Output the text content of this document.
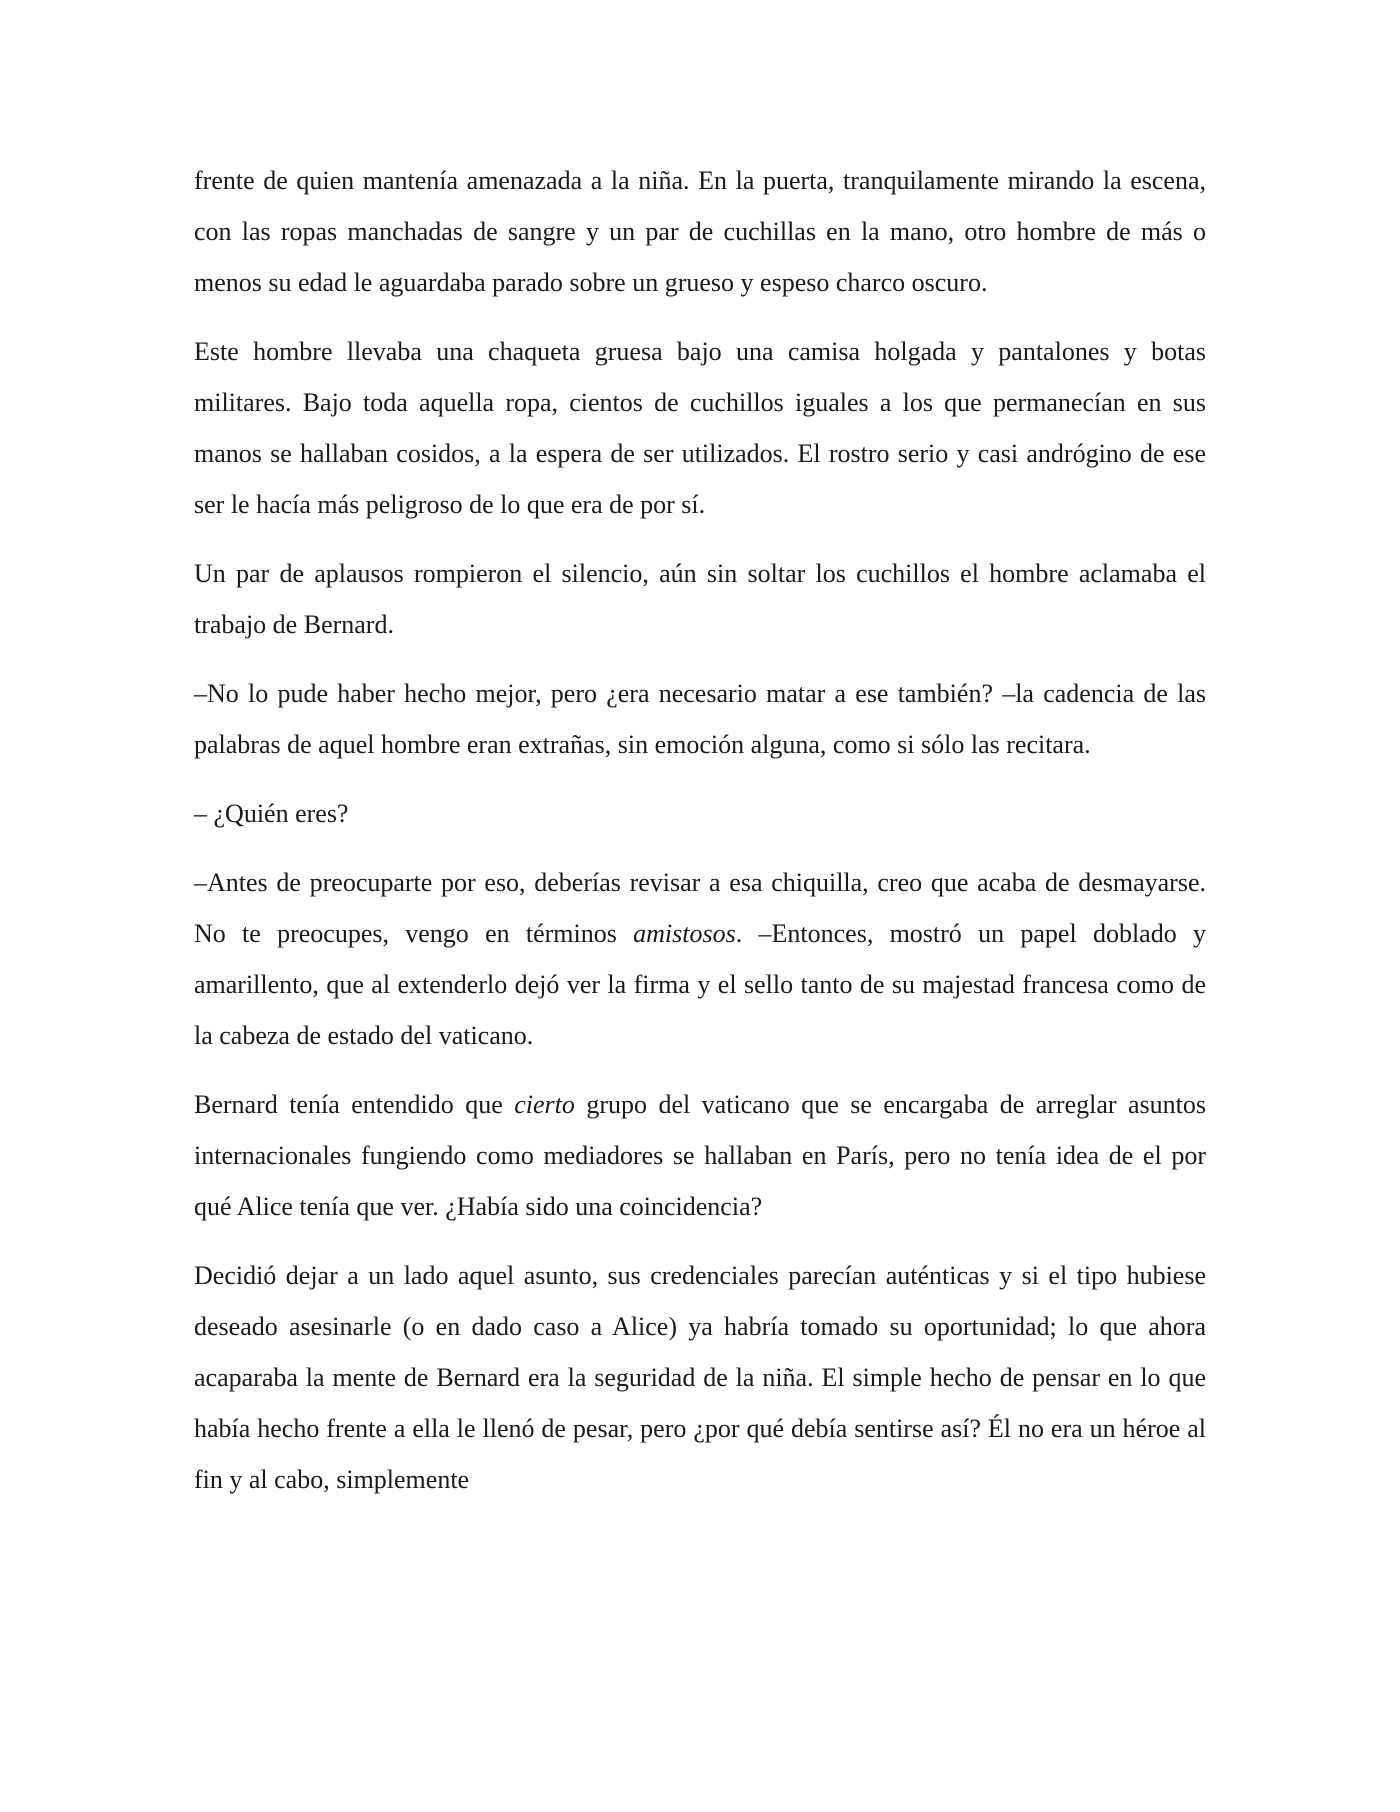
frente de quien mantenía amenazada a la niña. En la puerta, tranquilamente mirando la escena, con las ropas manchadas de sangre y un par de cuchillas en la mano, otro hombre de más o menos su edad le aguardaba parado sobre un grueso y espeso charco oscuro.

Este hombre llevaba una chaqueta gruesa bajo una camisa holgada y pantalones y botas militares. Bajo toda aquella ropa, cientos de cuchillos iguales a los que permanecían en sus manos se hallaban cosidos, a la espera de ser utilizados. El rostro serio y casi andrógino de ese ser le hacía más peligroso de lo que era de por sí.

Un par de aplausos rompieron el silencio, aún sin soltar los cuchillos el hombre aclamaba el trabajo de Bernard.

–No lo pude haber hecho mejor, pero ¿era necesario matar a ese también? –la cadencia de las palabras de aquel hombre eran extrañas, sin emoción alguna, como si sólo las recitara.

– ¿Quién eres?

–Antes de preocuparte por eso, deberías revisar a esa chiquilla, creo que acaba de desmayarse. No te preocupes, vengo en términos amistosos. –Entonces, mostró un papel doblado y amarillento, que al extenderlo dejó ver la firma y el sello tanto de su majestad francesa como de la cabeza de estado del vaticano.

Bernard tenía entendido que cierto grupo del vaticano que se encargaba de arreglar asuntos internacionales fungiendo como mediadores se hallaban en París, pero no tenía idea de el por qué Alice tenía que ver. ¿Había sido una coincidencia?

Decidió dejar a un lado aquel asunto, sus credenciales parecían auténticas y si el tipo hubiese deseado asesinarle (o en dado caso a Alice) ya habría tomado su oportunidad; lo que ahora acaparaba la mente de Bernard era la seguridad de la niña. El simple hecho de pensar en lo que había hecho frente a ella le llenó de pesar, pero ¿por qué debía sentirse así? Él no era un héroe al fin y al cabo, simplemente
